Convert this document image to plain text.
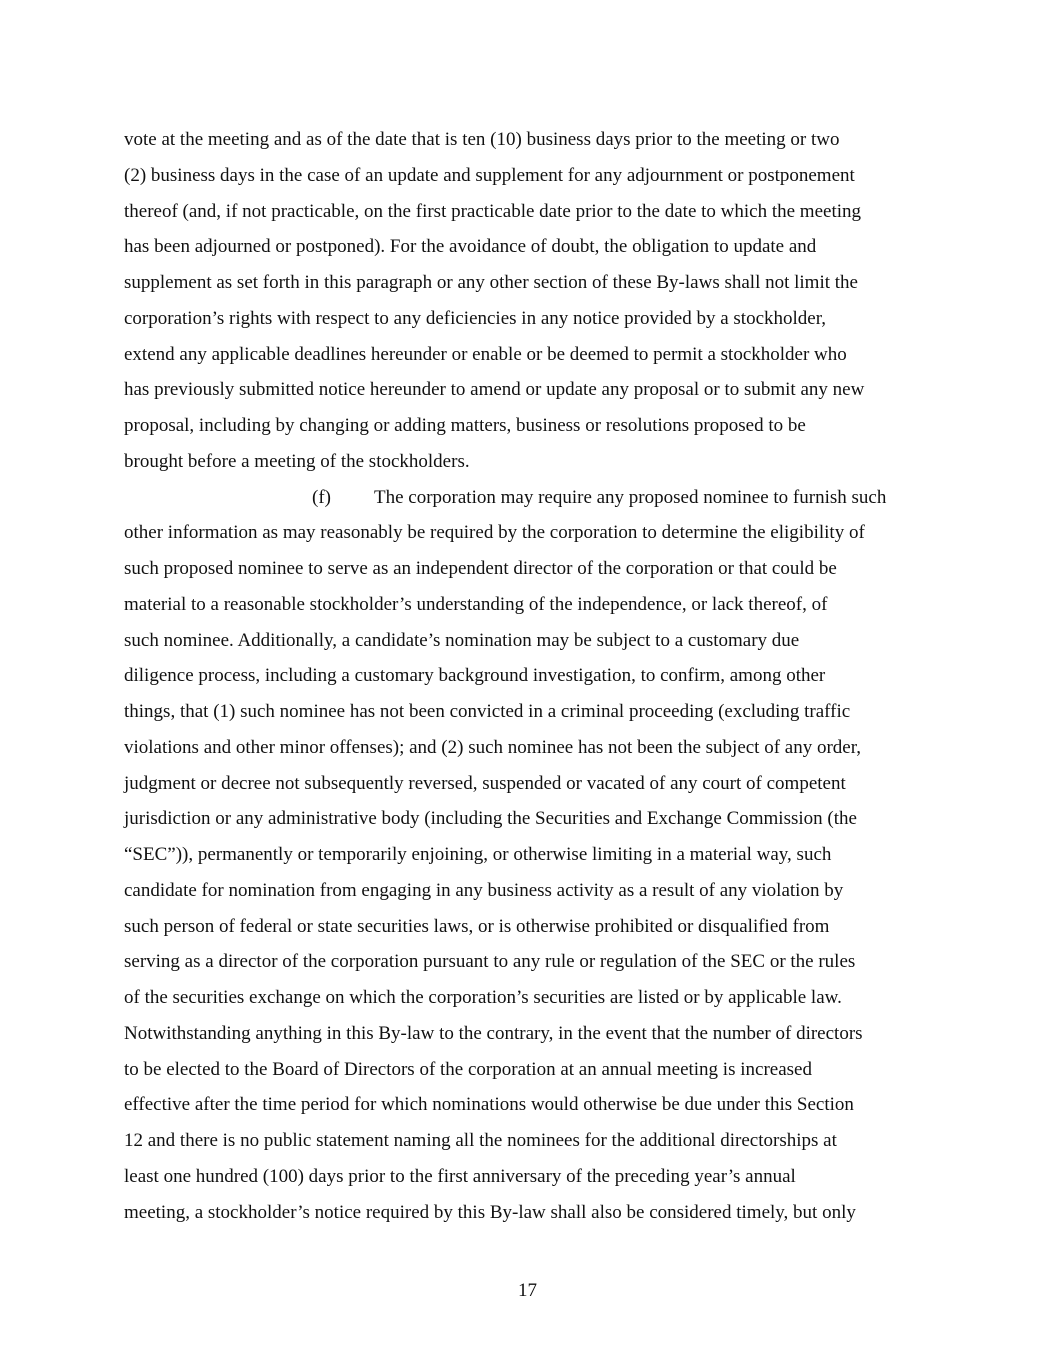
vote at the meeting and as of the date that is ten (10) business days prior to the meeting or two
(2) business days in the case of an update and supplement for any adjournment or postponement
thereof (and, if not practicable, on the first practicable date prior to the date to which the meeting
has been adjourned or postponed). For the avoidance of doubt, the obligation to update and
supplement as set forth in this paragraph or any other section of these By-laws shall not limit the
corporation’s rights with respect to any deficiencies in any notice provided by a stockholder,
extend any applicable deadlines hereunder or enable or be deemed to permit a stockholder who
has previously submitted notice hereunder to amend or update any proposal or to submit any new
proposal, including by changing or adding matters, business or resolutions proposed to be
brought before a meeting of the stockholders.
(f) The corporation may require any proposed nominee to furnish such
other information as may reasonably be required by the corporation to determine the eligibility of
such proposed nominee to serve as an independent director of the corporation or that could be
material to a reasonable stockholder’s understanding of the independence, or lack thereof, of
such nominee. Additionally, a candidate’s nomination may be subject to a customary due
diligence process, including a customary background investigation, to confirm, among other
things, that (1) such nominee has not been convicted in a criminal proceeding (excluding traffic
violations and other minor offenses); and (2) such nominee has not been the subject of any order,
judgment or decree not subsequently reversed, suspended or vacated of any court of competent
jurisdiction or any administrative body (including the Securities and Exchange Commission (the
“SEC”)), permanently or temporarily enjoining, or otherwise limiting in a material way, such
candidate for nomination from engaging in any business activity as a result of any violation by
such person of federal or state securities laws, or is otherwise prohibited or disqualified from
serving as a director of the corporation pursuant to any rule or regulation of the SEC or the rules
of the securities exchange on which the corporation’s securities are listed or by applicable law.
Notwithstanding anything in this By-law to the contrary, in the event that the number of directors
to be elected to the Board of Directors of the corporation at an annual meeting is increased
effective after the time period for which nominations would otherwise be due under this Section
12 and there is no public statement naming all the nominees for the additional directorships at
least one hundred (100) days prior to the first anniversary of the preceding year’s annual
meeting, a stockholder’s notice required by this By-law shall also be considered timely, but only
17
